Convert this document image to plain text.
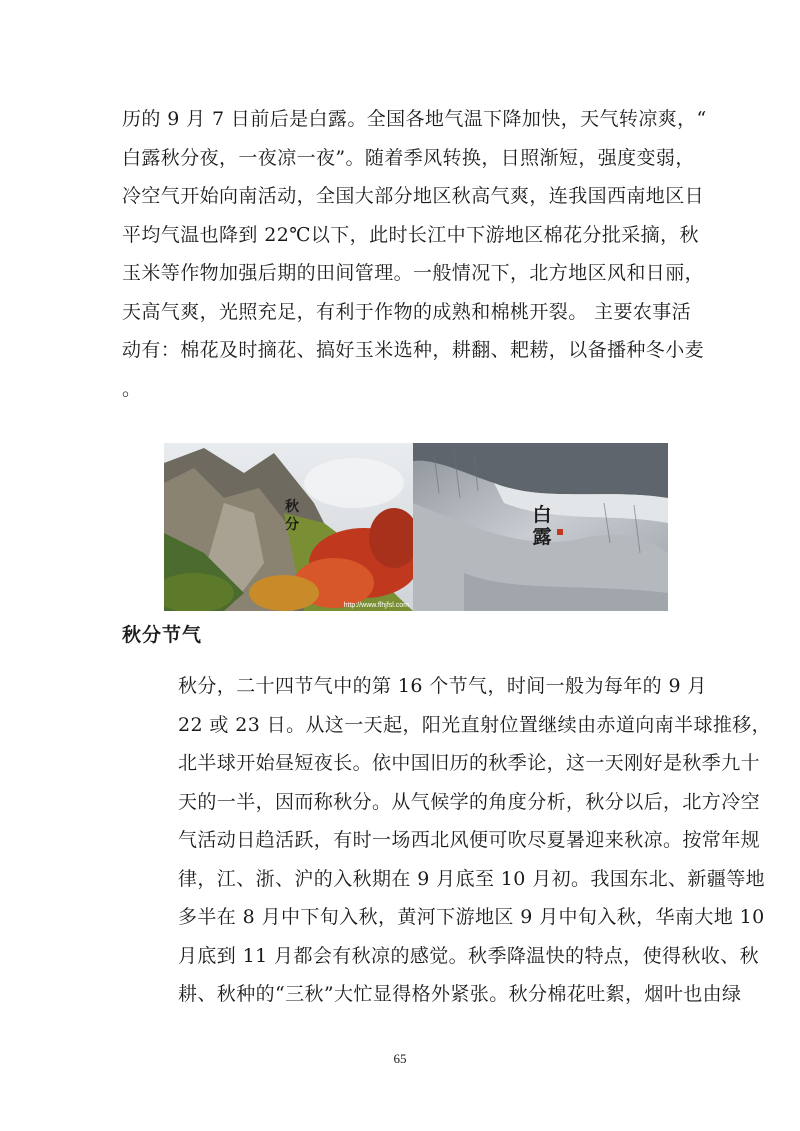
历的 9 月 7 日前后是白露。全国各地气温下降加快，天气转凉爽，“
白露秋分夜，一夜凉一夜”。随着季风转换，日照渐短，强度变弱，
冷空气开始向南活动，全国大部分地区秋高气爽，连我国西南地区日
平均气温也降到 22℃以下，此时长江中下游地区棉花分批采摘，秋
玉米等作物加强后期的田间管理。一般情况下，北方地区风和日丽，
天高气爽，光照充足，有利于作物的成熟和棉桃开裂。 主要农事活
动有：棉花及时摘花、搞好玉米选种，耕翻、耙耢，以备播种冬小麦
。
秋
分
http://www.flhjfsl.com
白
露
秋分节气
秋分，二十四节气中的第 16 个节气，时间一般为每年的 9 月
22 或 23 日。从这一天起，阳光直射位置继续由赤道向南半球推移，
北半球开始昼短夜长。依中国旧历的秋季论，这一天刚好是秋季九十
天的一半，因而称秋分。从气候学的角度分析，秋分以后，北方冷空
气活动日趋活跃，有时一场西北风便可吹尽夏暑迎来秋凉。按常年规
律，江、浙、沪的入秋期在 9 月底至 10 月初。我国东北、新疆等地
多半在 8 月中下旬入秋，黄河下游地区 9 月中旬入秋，华南大地 10
月底到 11 月都会有秋凉的感觉。秋季降温快的特点，使得秋收、秋
耕、秋种的“三秋”大忙显得格外紧张。秋分棉花吐絮，烟叶也由绿
65
